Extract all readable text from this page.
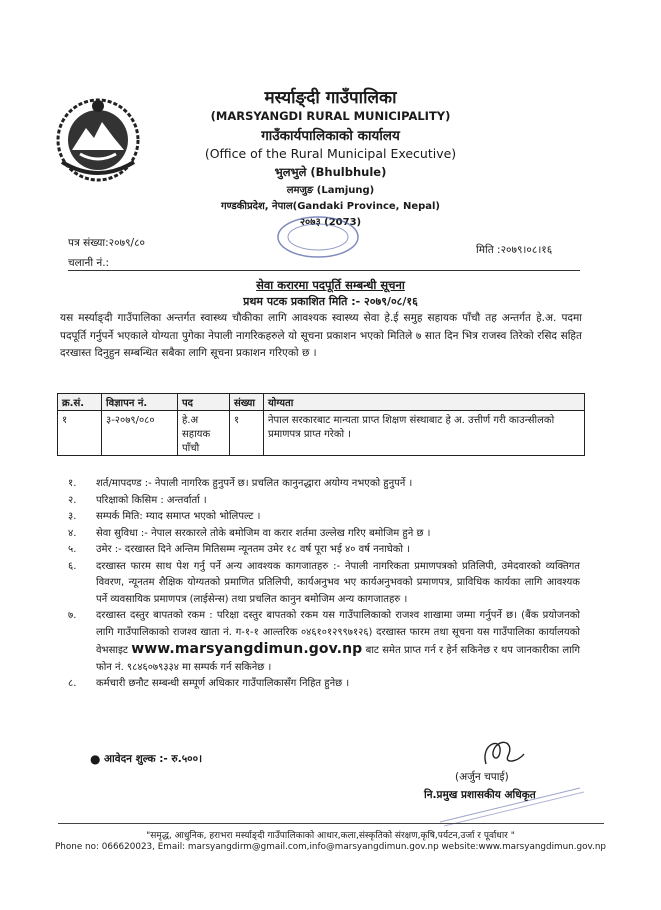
मर्स्याङ्दी गाउँपालिका
(MARSYANGDI RURAL MUNICIPALITY)
गाउँकार्यपालिकाको कार्यालय
(Office of the Rural Municipal Executive)
भुलभुले (Bhulbhule)
लमजुङ (Lamjung)
गण्डकीप्रदेश, नेपाल(Gandaki Province, Nepal)
२०७३ (2073)
पत्र संख्या:२०७९/८०
चलानी नं.:
मिति :२०७९।०८।१६
सेवा करारमा पदपूर्ति सम्बन्धी सूचना
प्रथम पटक प्रकाशित मिति :- २०७९/०८/१६
यस मर्स्याङ्दी गाउँपालिका अन्तर्गत स्वास्थ्य चौकीका लागि आवश्यक स्वास्थ्य सेवा हे.ई समुह सहायक पाँचौ तह अन्तर्गत हे.अ. पदमा पदपूर्ति गर्नुपर्ने भएकाले योग्यता पुगेका नेपाली नागरिकहरुले यो सूचना प्रकाशन भएको मितिले ७ सात दिन भित्र राजस्व तिरेको रसिद सहित दरखास्त दिनुहुन सम्बन्धित सबैका लागि सूचना प्रकाशन गरिएको छ ।
क्र.सं.	विज्ञापन नं.	पद	संख्या	योग्यता
१	३-२०७९/०८०	हे.अ सहायक पाँचौ	१	नेपाल सरकारबाट मान्यता प्राप्त शिक्षण संस्थाबाट हे अ. उत्तीर्ण गरी काउन्सीलको प्रमाणपत्र प्राप्त गरेको ।
१. शर्त/मापदण्ड :- नेपाली नागरिक हुनुपर्ने छ। प्रचलित कानुनद्धारा अयोग्य नभएको हुनुपर्ने ।
२. परिक्षाको किसिम : अन्तर्वार्ता ।
३. सम्पर्क मिति: म्याद समाप्त भएको भोलिपल्ट ।
४. सेवा सुविधा :- नेपाल सरकारले तोके बमोजिम वा करार शर्तमा उल्लेख गरिए बमोजिम हुने छ ।
५. उमेर :- दरखास्त दिने अन्तिम मितिसम्म न्यूनतम उमेर १८ वर्ष पूरा भई ४० वर्ष ननाघेको ।
६. दरखास्त फारम साथ पेश गर्नु पर्ने अन्य आवश्यक कागजातहरु :- नेपाली नागरिकता प्रमाणपत्रको प्रतिलिपी, उमेदवारको व्यक्तिगत विवरण, न्यूनतम शैक्षिक योग्यतको प्रमाणित प्रतिलिपी, कार्यअनुभव भए कार्यअनुभवको प्रमाणपत्र, प्राविधिक कार्यका लागि आवश्यक पर्ने व्यवसायिक प्रमाणपत्र (लाईसेन्स) तथा प्रचलित कानुन बमोजिम अन्य कागजातहरु ।
७. दरखास्त दस्तुर बापतको रकम : परिक्षा दस्तुर बापतको रकम यस गाउँपालिकाको राजश्व शाखामा जम्मा गर्नुपर्ने छ। (बैंक प्रयोजनको लागि गाउँपालिकाको राजश्व खाता नं. ग-१-१ आल्तरिक ०४६१०१२९९७१२६) दरखास्त फारम तथा सूचना यस गाउँपालिका कार्यालयको वेभसाइट www.marsyangdimun.gov.np बाट समेत प्राप्त गर्न र हेर्न सकिनेछ र थप जानकारीका लागि फोन नं. ९८४६०७९३३४ मा सम्पर्क गर्न सकिनेछ ।
८. कर्मचारी छनौट सम्बन्धी सम्पूर्ण अधिकार गाउँपालिकासँग निहित हुनेछ ।
● आवेदन शुल्क :- रु.५००।
(अर्जुन चपाई)
नि.प्रमुख प्रशासकीय अधिकृत
"समृद्ध, आधुनिक, हराभरा मर्स्याङ्दी गाउँपालिकाको आधार,कला,संस्कृतिको संरक्षण,कृषि,पर्यटन,उर्जा र पूर्वाधार "
Phone no: 066620023, Email: marsyangdirm@gmail.com,info@marsyangdimun.gov.np website:www.marsyangdimun.gov.np
